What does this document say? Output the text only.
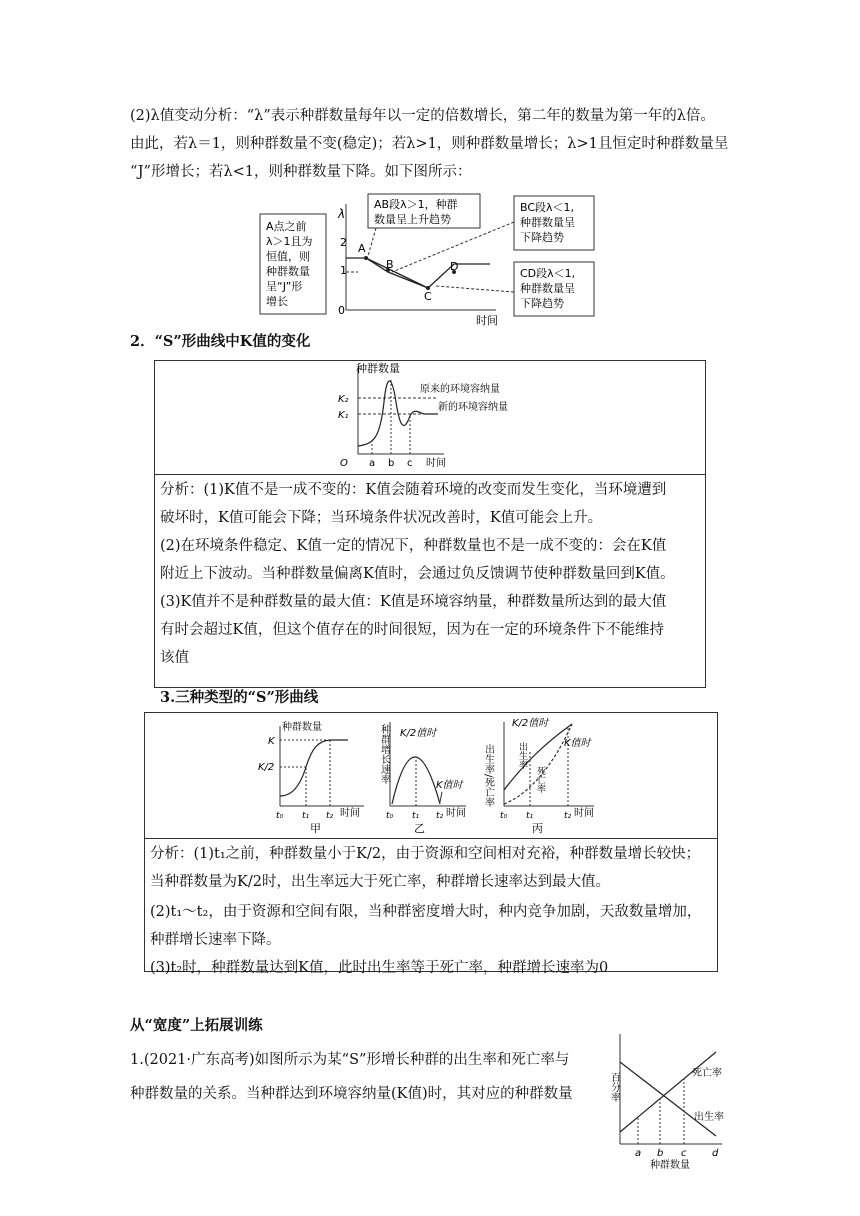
(2)λ值变动分析：“λ”表示种群数量每年以一定的倍数增长，第二年的数量为第一年的λ倍。
由此，若λ＝1，则种群数量不变(稳定)；若λ>1，则种群数量增长；λ>1且恒定时种群数量呈
“J”形增长；若λ<1，则种群数量下降。如下图所示：
A点之前
λ＞1且为
恒值，则
种群数量
呈“J”形
增长
λ
2
1
0
时间
A
B
C
D
AB段λ＞1，种群
数量呈上升趋势
BC段λ＜1,
种群数量呈
下降趋势
CD段λ＜1,
种群数量呈
下降趋势
2．“S”形曲线中K值的变化
种群数量
K₂
K₁
O a b c 时间
原来的环境容纳量
新的环境容纳量
分析：(1)K值不是一成不变的：K值会随着环境的改变而发生变化，当环境遭到
破坏时，K值可能会下降；当环境条件状况改善时，K值可能会上升。
(2)在环境条件稳定、K值一定的情况下，种群数量也不是一成不变的：会在K值
附近上下波动。当种群数量偏离K值时，会通过负反馈调节使种群数量回到K值。
(3)K值并不是种群数量的最大值：K值是环境容纳量，种群数量所达到的最大值
有时会超过K值，但这个值存在的时间很短，因为在一定的环境条件下不能维持
该值
3.三种类型的“S”形曲线
种群数量
K
K/2
t₀ t₁ t₂ 时间
甲
种群增长速率 K/2值时
K值时
t₀ t₁ t₂ 时间
乙
出生率/死亡率
K/2值时
出生率
死亡率
K值时
t₀ t₁	t₂ 时间
丙
分析：(1)t₁之前，种群数量小于K/2，由于资源和空间相对充裕，种群数量增长较快；
当种群数量为K/2时，出生率远大于死亡率，种群增长速率达到最大值。
(2)t₁～t₂，由于资源和空间有限，当种群密度增大时，种内竞争加剧，天敌数量增加，
种群增长速率下降。
(3)t₂时，种群数量达到K值，此时出生率等于死亡率，种群增长速率为0
从“宽度”上拓展训练
1.(2021·广东高考)如图所示为某“S”形增长种群的出生率和死亡率与
种群数量的关系。当种群达到环境容纳量(K值)时，其对应的种群数量	百分率	死亡率
出生率
a b c	d
种群数量
